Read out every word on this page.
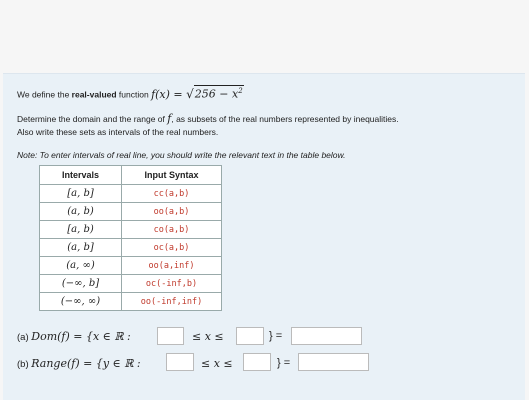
We define the real-valued function $f(x) = √256 - x^2$
Determine the domain and the range of f, as subsets of the real numbers represented by inequalities.
Also write these sets as intervals of the real numbers.
Note: To enter intervals of real line, you should write the relevant text in the table below.
Intervals	Input Syntax
[a, b]	cc(a,b)
(a, b)	oo(a,b)
[a, b)	co(a,b)
(a, b]	oc(a,b)
(a, ∞)	oo(a,inf)
(−∞, b]	oc(-inf,b)
(−∞, ∞)	oo(-inf,inf)
(a) Dom(f) = {x ∈ ℝ :	≤ x ≤	} =
(b) Range(f) = {y ∈ ℝ :	≤ x ≤	} =
